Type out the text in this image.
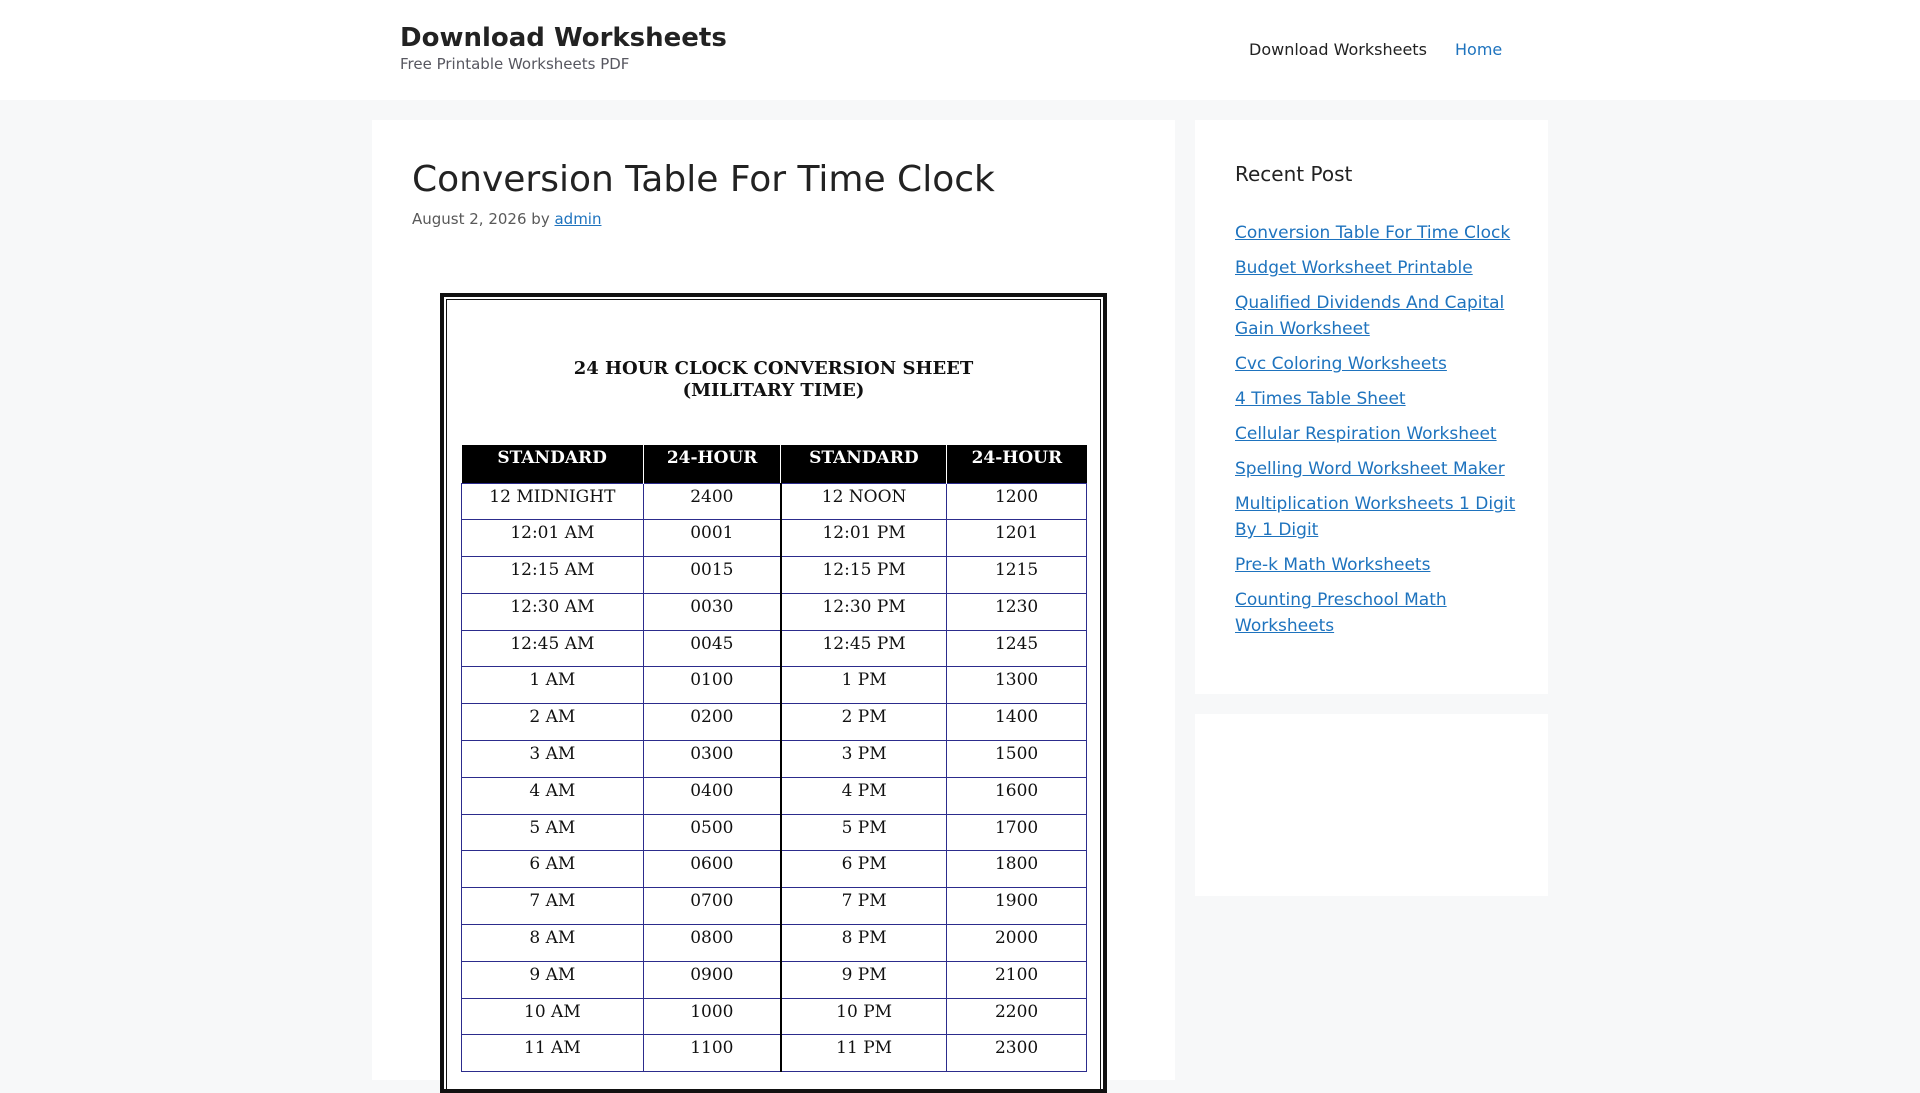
Download Worksheets
Free Printable Worksheets PDF
Download Worksheets Home
Conversion Table For Time Clock
August 2, 2026 by admin
24 HOUR CLOCK CONVERSION SHEET
(MILITARY TIME)
STANDARD	24-HOUR	STANDARD	24-HOUR
12 MIDNIGHT	2400	12 NOON	1200
12:01 AM	0001	12:01 PM	1201
12:15 AM	0015	12:15 PM	1215
12:30 AM	0030	12:30 PM	1230
12:45 AM	0045	12:45 PM	1245
1 AM	0100	1 PM	1300
2 AM	0200	2 PM	1400
3 AM	0300	3 PM	1500
4 AM	0400	4 PM	1600
5 AM	0500	5 PM	1700
6 AM	0600	6 PM	1800
7 AM	0700	7 PM	1900
8 AM	0800	8 PM	2000
9 AM	0900	9 PM	2100
10 AM	1000	10 PM	2200
11 AM	1100	11 PM	2300
Recent Post
Conversion Table For Time Clock
Budget Worksheet Printable
Qualified Dividends And Capital Gain Worksheet
Cvc Coloring Worksheets
4 Times Table Sheet
Cellular Respiration Worksheet
Spelling Word Worksheet Maker
Multiplication Worksheets 1 Digit By 1 Digit
Pre-k Math Worksheets
Counting Preschool Math Worksheets
